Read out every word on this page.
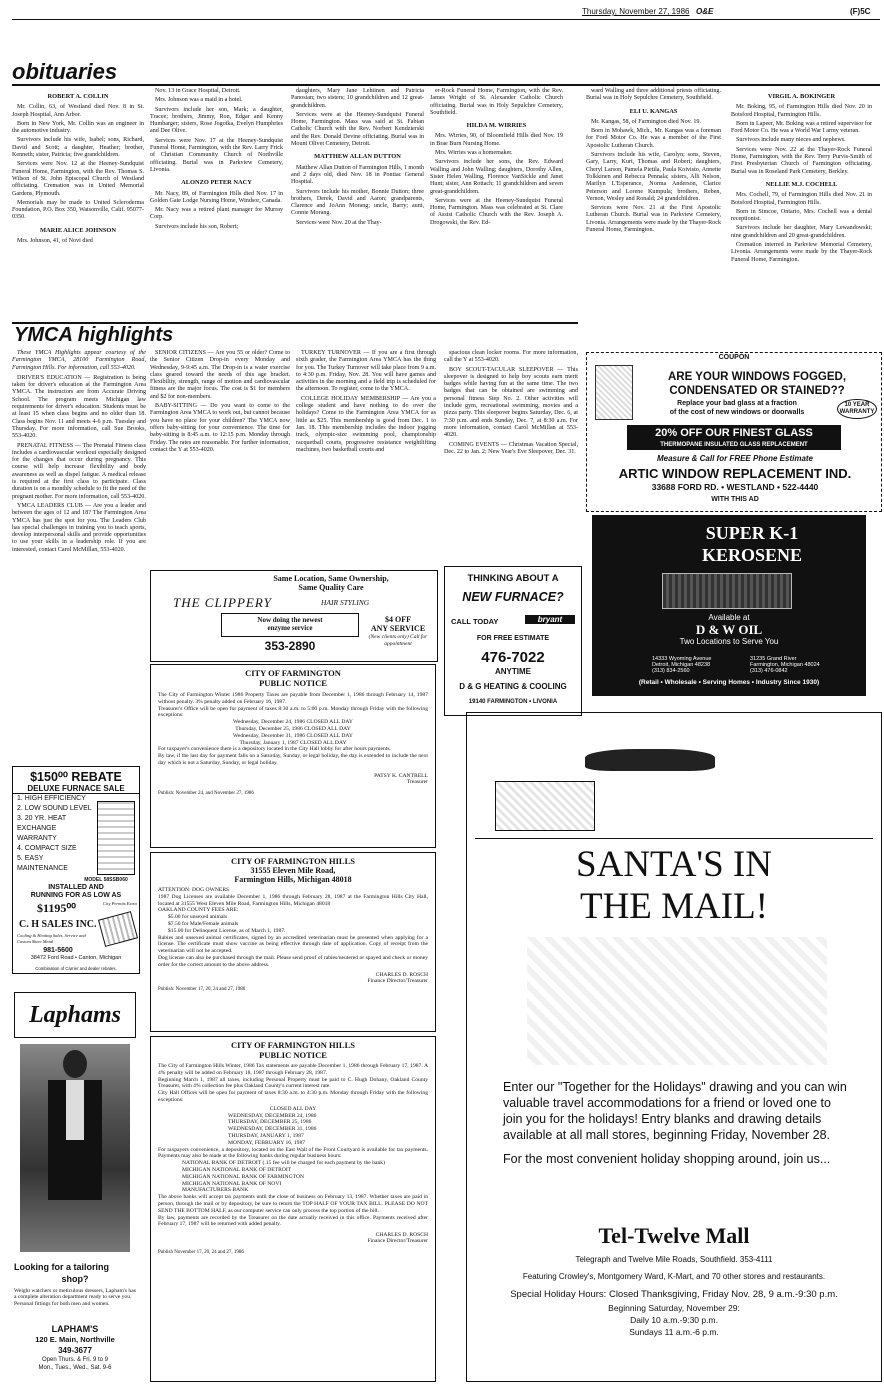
Thursday, November 27, 1986 O&E	(F)5C
obituaries
ROBERT A. COLLIN
Mr. Collin, 63, of Westland died Nov. 8 in St. Joseph Hospital, Ann Arbor.
Born in New York, Mr. Collin was an engineer in the automotive industry.
Survivors include his wife, Isabel; sons, Richard, David and Scott; a daughter, Heather; brother, Kenneth; sister, Patricia; five grandchildren.
Services were Nov. 12 at the Heeney-Sundquist Funeral Home, Farmington, with the Rev. Thomas S. Wilson of St. John Episcopal Church of Westland officiating. Cremation was in United Memorial Gardens, Plymouth.
Memorials may be made to United Scleroderma Foundation, P.O. Box 350, Watsonville, Calif. 95077-0350.
MARIE ALICE JOHNSON
Mrs. Johnson, 41, of Novi died
Nov. 13 in Grace Hospital, Detroit.
Mrs. Johnson was a maid in a hotel.
Survivors include her son, Mark; a daughter, Tracee; brothers, Jimmy, Ron, Edgar and Kenny Humbarger; sisters, Rose Jogotka, Evelyn Humphries and Dee Olive.
Services were Nov. 17 at the Heeney-Sundquist Funeral Home, Farmington, with the Rev. Larry Frick of Christian Community Church of Northville officiating. Burial was in Parkview Cemetery, Livonia.
ALONZO PETER NACY
Mr. Nacy, 89, of Farmington Hills died Nov. 17 in Golden Gate Lodge Nursing Home, Windsor, Canada.
Mr. Nacy was a retired plant manager for Murray Corp.
Survivors include his son, Robert;
daughters, Mary Jane Lehtinen and Patricia Panosian; two sisters; 10 grandchildren and 12 great-grandchildren.
Services were at the Heeney-Sundquist Funeral Home, Farmington. Mass was said at St. Fabian Catholic Church with the Rev. Norbert Kendzierski and the Rev. Donald Devine officiating. Burial was in Mount Olivet Cemetery, Detroit.
MATTHEW ALLAN DUTTON
Matthew Allan Dutton of Farmington Hills, 1 month and 2 days old, died Nov. 18 in Pontiac General Hospital.
Survivors include his mother, Bonnie Dutton; three brothers, Derek, David and Aaron; grandparents, Clarence and JoAnn Morang; uncle, Barry; aunt, Connie Morang.
Services were Nov. 20 at the Thay-
er-Rock Funeral Home, Farmington, with the Rev. James Wright of St. Alexander Catholic Church officiating. Burial was in Holy Sepulchre Cemetery, Southfield.
HILDA M. WIRRIES
Mrs. Wirries, 90, of Bloomfield Hills died Nov. 19 in Brae Burn Nursing Home.
Mrs. Wirries was a homemaker.
Survivors include her sons, the Rev. Edward Walling and John Walling; daughters, Dorothy Allen, Sister Helen Walling, Florence VanSickle and Janet Hunt; sister, Ann Rottach; 11 grandchildren and seven great-grandchildren.
Services were at the Heeney-Sundquist Funeral Home, Farmington. Mass was celebrated at St. Clare of Assisi Catholic Church with the Rev. Joseph A. Drogowski, the Rev. Ed-
ward Walling and three additional priests officiating. Burial was in Holy Sepulchre Cemetery, Southfield.
ELI U. KANGAS
Mr. Kangas, 58, of Farmington died Nov. 19.
Born in Mohawk, Mich., Mr. Kangas was a foreman for Ford Motor Co. He was a member of the First Apostolic Lutheran Church.
Survivors include his wife, Carolyn; sons, Steven, Gary, Larry, Kurt, Thomas and Robert; daughters, Cheryl Larson, Pamela Pietila, Paula Koivisto, Annette Tolkkinen and Rebecca Pennala; sisters, Alli Nelson, Marilyn L'Esperance, Norma Anderson, Clarice Peterson and Lorene Kumpula; brothers, Reben, Vernon, Wesley and Ronald; 24 grandchildren.
Services were Nov. 21 at the First Apostolic Lutheran Church. Burial was in Parkview Cemetery, Livonia. Arrangements were made by the Thayer-Rock Funeral Home, Farmington.
VIRGIL A. BOKINGER
Mr. Boking, 95, of Farmington Hills died Nov. 20 in Botsford Hospital, Farmington Hills.
Born in Lapeer, Mr. Boking was a retired supervisor for Ford Motor Co. He was a World War I army veteran.
Survivors include many nieces and nephews.
Services were Nov. 22 at the Thayer-Rock Funeral Home, Farmington, with the Rev. Terry Purvis-Smith of First Presbyterian Church of Farmington officiating. Burial was in Roseland Park Cemetery, Berkley.
NELLIE M.J. COCHELL
Mrs. Cochell, 79, of Farmington Hills died Nov. 21 in Botsford Hospital, Farmington Hills.
Born in Simcoe, Ontario, Mrs. Cochell was a dental receptionist.
Survivors include her daughter, Mary Lewandowski; nine grandchildren and 20 great-grandchildren.
Cremation interred in Parkview Memorial Cemetery, Livonia. Arrangements were made by the Thayer-Rock Funeral Home, Farmington.
YMCA highlights
These YMCA Highlights appear courtesy of the Farmington YMCA, 28100 Farmington Road, Farmington Hills. For information, call 553-4020.
DRIVER'S EDUCATION — Registration is being taken for driver's education at the Farmington Area YMCA. The instructors are from Accurate Driving School. The program meets Michigan law requirements for driver's education. Students must be at least 15 when class begins and no older than 18. Class begins Nov. 11 and meets 4-6 p.m. Tuesday and Thursday. For more information, call Sue Brooks, 553-4020.
PRENATAL FITNESS — The Prenatal Fitness class includes a cardiovascular workout especially designed for the changes that occur during pregnancy. This course will help increase flexibility and body awareness as well as dispel fatigue. A medical release is required at the first class to participate. Class duration is on a monthly schedule to fit the need of the pregnant mother. For more information, call 553-4020.
YMCA LEADERS CLUB — Are you a leader and between the ages of 12 and 18? The Farmington Area YMCA has just the spot for you. The Leaders Club has special challenges in training you to teach sports, develop interpersonal skills and provide opportunities to use your skills in a leadership role. If you are interested, contact Carol McMillan, 553-4020.
SENIOR CITIZENS — Are you 55 or older? Come to the Senior Citizen Drop-in every Monday and Wednesday, 9-9:45 a.m. The Drop-in is a water exercise class geared toward the needs of this age bracket. Flexibility, strength, range of motion and cardiovascular fitness are the major focus. The cost is $1 for members and $2 for non-members.
BABY-SITTING — Do you want to come to the Farmington Area YMCA to work out, but cannot because you have no place for your children? The YMCA now offers baby-sitting for your convenience. The time for baby-sitting is 8:45 a.m. to 12:15 p.m. Monday through Friday. The rates are reasonable. For further information, contact the Y at 553-4020.
TURKEY TURNOVER — If you are a first through sixth grader, the Farmington Area YMCA has the thing for you. The Turkey Turnover will take place from 9 a.m. to 4:30 p.m. Friday, Nov. 28. You will have games and activities in the morning and a field trip is scheduled for the afternoon. To register, come to the YMCA.
COLLEGE HOLIDAY MEMBERSHIP — Are you a college student and have nothing to do over the holidays? Come to the Farmington Area YMCA for as little as $25. This membership is good from Dec. 1 to Jan. 18. This membership includes the indoor jogging track, olympic-size swimming pool, championship racquetball courts, progressive resistance weightlifting machines, two basketball courts and
spacious clean locker rooms. For more information, call the Y at 553-4020.
BOY SCOUT-TACULAR SLEEPOVER — This sleepover is designed to help boy scouts earn merit badges while having fun at the same time. The two badges that can be obtained are swimming and personal fitness Step No. 2. Other activities will include gym, recreational swimming, movies and a pizza party. This sleepover begins Saturday, Dec. 6, at 7:30 p.m. and ends Sunday, Dec. 7, at 8:30 a.m. For more information, contact Carol McMillan at 553-4020.
COMING EVENTS — Christmas Vacation Special, Dec. 22 to Jan. 2; New Year's Eve Sleepover, Dec. 31.
COUPON
ARE YOUR WINDOWS FOGGED,
CONDENSATED OR STAINED??
Replace your bad glass at a fraction
of the cost of new windows or doorwalls
10 YEAR WARRANTY
20% OFF OUR FINEST GLASS
THERMOPANE INSULATED GLASS REPLACEMENT
Measure & Call for FREE Phone Estimate
ARTIC WINDOW REPLACEMENT IND.
33688 FORD RD. • WESTLAND • 522-4440
WITH THIS AD
SUPER K-1
KEROSENE
Available at
D & W OIL
Two Locations to Serve You
14333 Wyoming Avenue
Detroit, Michigan 48238
(313) 834-2560
31235 Grand River
Farmington, Michigan 48024
(313) 476-0842
(Retail • Wholesale • Serving Homes • Industry Since 1930)
Same Location, Same Ownership,
Same Quality Care
THE CLIPPERY	HAIR STYLING
Now doing the newest
enzyme service
353-2890
$4 OFF
ANY SERVICE
(New clients only) Call for appointment
THINKING ABOUT A
NEW FURNACE?
CALL TODAY	bryant
FOR FREE ESTIMATE
476-7022
ANYTIME
D & G HEATING & COOLING
19140 FARMINGTON • LIVONIA
CITY OF FARMINGTON
PUBLIC NOTICE
The City of Farmington Winter 1986 Property Taxes are payable from December 1, 1986 through February 14, 1987 without penalty. 3% penalty added on February 16, 1987.
Treasurer's Office will be open for payment of taxes 8:30 a.m. to 5:00 p.m. Monday through Friday with the following exceptions:
Wednesday, December 24, 1986 CLOSED ALL DAY
Thursday, December 25, 1986 CLOSED ALL DAY
Wednesday, December 31, 1986 CLOSED ALL DAY
Thursday, January 1, 1987 CLOSED ALL DAY
For taxpayer's convenience there is a depository located in the City Hall lobby for after hours payments.
By law, if the last day for payment falls on a Saturday, Sunday, or legal holiday, the day is extended to include the next day which is not a Saturday, Sunday, or legal holiday.
PATSY K. CANTRELL
Treasurer
Publish: November 24, and November 27, 1986
CITY OF FARMINGTON HILLS
31555 Eleven Mile Road,
Farmington Hills, Michigan 48018
ATTENTION: DOG OWNERS
1987 Dog Licenses are available December 1, 1986 through February 28, 1987 at the Farmington Hills City Hall, located at 31555 West Eleven Mile Road, Farmington Hills, Michigan 48018
OAKLAND COUNTY FEES ARE:
$5.00 for unsexed animals
$7.50 for Male/Female animals
$15.00 for Delinquent License, as of March 1, 1987.
Rabies and unsexed animal certificates, signed by an accredited veterinarian must be presented when applying for a license. The certificate must show vaccine as being effective through date of application. Copy of receipt from the veterinarian will not be accepted.
Dog license can also be purchased through the mail. Please send proof of rabies/neutered or spayed and check or money order for the correct amount to the above address.
CHARLES D. ROSCH
Finance Director/Treasurer
Publish: November 17, 20, 24 and 27, 1986
CITY OF FARMINGTON HILLS
PUBLIC NOTICE
The City of Farmington Hills Winter, 1986 Tax statements are payable December 1, 1986 through February 17, 1987. A 4% penalty will be added on February 18, 1987 through February 28, 1987.
Beginning March 1, 1987 all taxes, including Personal Property must be paid to C. Hugh Dohany, Oakland County Treasurer, with 4% collection fee plus Oakland County's current interest rate.
City Hall Offices will be open for payment of taxes 8:30 a.m. to 4:30 p.m. Monday through Friday with the following exceptions:
CLOSED ALL DAY
WEDNESDAY, DECEMBER 24, 1986
THURSDAY, DECEMBER 25, 1986
WEDNESDAY, DECEMBER 31, 1986
THURSDAY, JANUARY 1, 1987
MONDAY, FEBRUARY 16, 1987
For taxpayers convenience, a depository, located on the East Wall of the Front Courtyard is available for tax payments. Payments may also be made at the following banks during regular business hours:
NATIONAL BANK OF DETROIT (.15 fee will be charged for each payment by the bank)
MICHIGAN NATIONAL BANK OF DETROIT
MICHIGAN NATIONAL BANK OF FARMINGTON
MICHIGAN NATIONAL BANK OF NOVI
MANUFACTURERS BANK
The above banks will accept tax payments until the close of business on February 13, 1987. Whether taxes are paid in person, through the mail or by depository, be sure to return the TOP HALF OF YOUR TAX BILL. PLEASE DO NOT SEND THE BOTTOM HALF, as our computer service can only process the top portion of the bill.
By law, payments are recorded by the Treasurer on the date actually received in this office. Payments received after February 17, 1987 will be returned with added penalty.
CHARLES D. ROSCH
Finance Director/Treasurer
Publish November 17, 20, 24 and 27, 1986
$150⁰⁰ REBATE
DELUXE FURNACE SALE
1. HIGH EFFICIENCY
2. LOW SOUND LEVEL
3. 20 YR. HEAT EXCHANGE WARRANTY
4. COMPACT SIZE
5. EASY MAINTENANCE
MODEL 58SSB060
INSTALLED AND
RUNNING FOR AS LOW AS
$1195⁰⁰	City Permits Extra
C. H SALES INC.
Cooling & Heating Sales, Service and Custom Sheet Metal
981-5600
38472 Ford Road • Canton, Michigan
Combination of Carrier and dealer rebates.
Laphams
Looking for a tailoring
shop?
Weight watchers or meticulous dressers, Lapham's has a complete alteration department ready to serve you. Personal fittings for both men and women.
LAPHAM'S
120 E. Main, Northville
349-3677
Open Thurs. & Fri. 9 to 9
Mon., Tues., Wed., Sat. 9-6
SANTA'S IN
THE MAIL!
Enter our "Together for the Holidays" drawing and you can win valuable travel accommodations for a friend or loved one to join you for the holidays! Entry blanks and drawing details available at all mall stores, beginning Friday, November 28.
For the most convenient holiday shopping around, join us...
Tel-Twelve Mall
Telegraph and Twelve Mile Roads, Southfield. 353-4111
Featuring Crowley's, Montgomery Ward, K-Mart, and 70 other stores and restaurants.
Special Holiday Hours: Closed Thanksgiving, Friday Nov. 28, 9 a.m.-9:30 p.m.
Beginning Saturday, November 29:
Daily 10 a.m.-9:30 p.m.
Sundays 11 a.m.-6 p.m.
